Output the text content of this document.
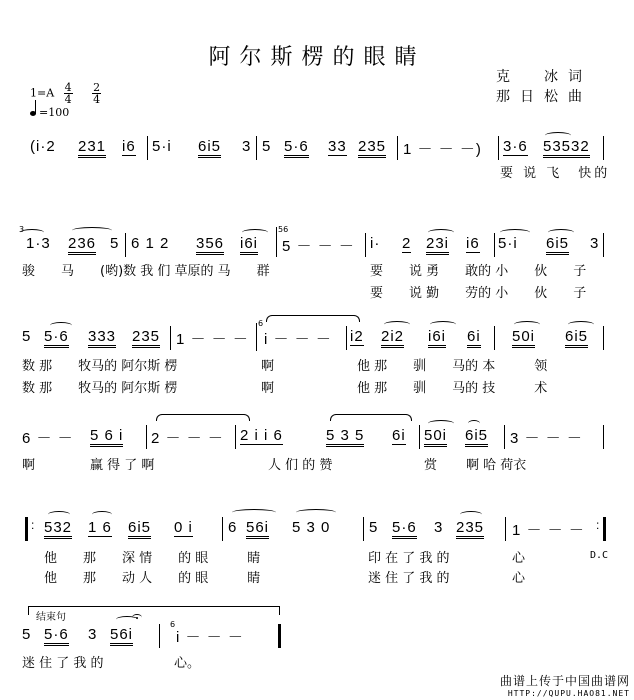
阿尔斯楞的眼睛
克　冰词
那日松曲
$1=A \frac{4}{4} \frac{2}{4}$
=100
(i·2 231 i6 5·i 6i5 3 5 5·6 33 235 1 － － －) 3·6 53532
要 说 飞　快的
3
1·3 236 5 6 1 2 356 i6i
56
5 － － － i· 2 23i i6 5·i 6i5 3
骏　　马　　(哟)数 我 们 草原的 马　　群	要　　说 勇　　敢的 小　　伙　　子
要　　说 勤　　劳的 小　　伙　　子
5 5·6 333 235 1 － － －
6
i － － － i2 2i2 i6i 6i 50i 6i5
数 那　　牧马的 阿尔斯 楞	啊	他 那　　驯　　马的 本　　　领
数 那　　牧马的 阿尔斯 楞	啊	他 那　　驯　　马的 技　　　术
6 － － 5 6 i 2 － － － 2 i i 6	5 3 5 6i 50i 6i5 3 － － －
啊	赢 得 了 啊	人 们 的 赞	赏 啊 哈 荷衣
: 532 1 6 6i5 0 i 6 56i 5 3 0	5 5·6 3 235 1 － － － :
他　　那　　深 情　　的 眼　　　睛	印 在 了 我 的	心	D.C
他　　那　　动 人　　的 眼　　　睛	迷 住 了 我 的	心
结束句
5 5·6 3 56i
6
i － － －
迷 住 了 我 的	心。
曲谱上传于中国曲谱网
HTTP://QUPU.HAO81.NET
